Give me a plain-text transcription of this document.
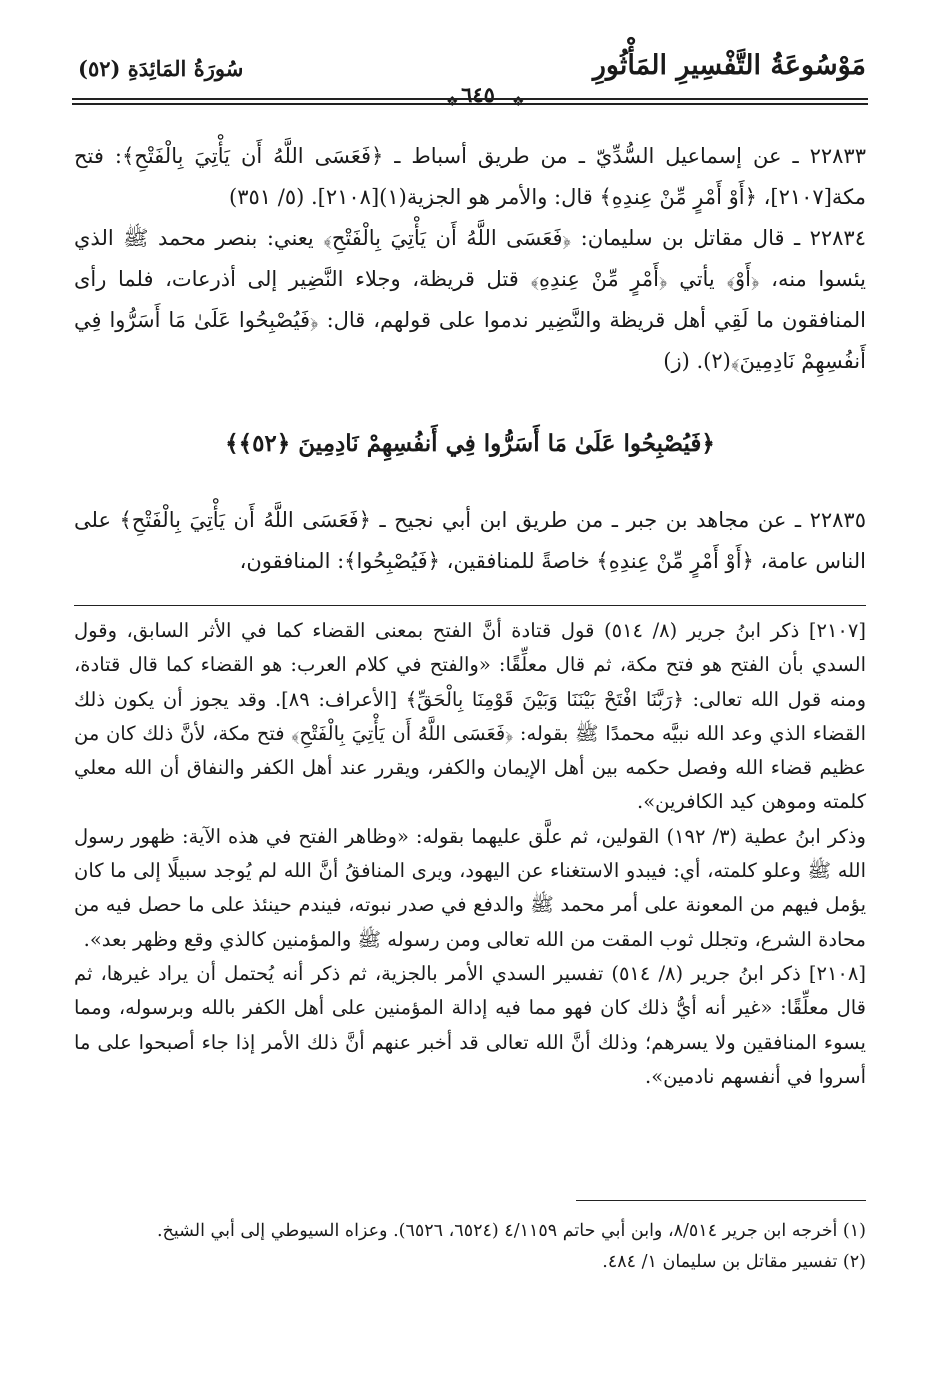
مَوْسُوعَةُ التَّفْسِيرِ المَأْثُورِ
سُورَةُ المَائِدَةِ (٥٢)
❖ ٦٤٥	❖

٢٢٨٣٣ ـ عن إسماعيل السُّدِّيّ ـ من طريق أسباط ـ ﴿فَعَسَى اللَّهُ أَن يَأْتِيَ بِالْفَتْحِ﴾: فتح مكة[٢١٠٧]، ﴿أَوْ أَمْرٍ مِّنْ عِندِهِ﴾ قال: والأمر هو الجزية(١)[٢١٠٨]. (٥/ ٣٥١)

٢٢٨٣٤ ـ قال مقاتل بن سليمان: ﴿فَعَسَى اللَّهُ أَن يَأْتِيَ بِالْفَتْحِ﴾ يعني: بنصر محمد ﷺ الذي يئسوا منه، ﴿أَوْ﴾ يأتي ﴿أَمْرٍ مِّنْ عِندِهِ﴾ قتل قريظة، وجلاء النَّضِير إلى أذرعات، فلما رأى المنافقون ما لَقِي أهل قريظة والنَّضِير ندموا على قولهم، قال: ﴿فَيُصْبِحُوا عَلَىٰ مَا أَسَرُّوا فِي أَنفُسِهِمْ نَادِمِينَ﴾(٢). (ز)

﴿فَيُصْبِحُوا عَلَىٰ مَا أَسَرُّوا فِي أَنفُسِهِمْ نَادِمِينَ ﴿٥٢﴾﴾

٢٢٨٣٥ ـ عن مجاهد بن جبر ـ من طريق ابن أبي نجيح ـ ﴿فَعَسَى اللَّهُ أَن يَأْتِيَ بِالْفَتْحِ﴾ على الناس عامة، ﴿أَوْ أَمْرٍ مِّنْ عِندِهِ﴾ خاصةً للمنافقين، ﴿فَيُصْبِحُوا﴾: المنافقون،

[٢١٠٧] ذكر ابنُ جرير (٨/ ٥١٤) قول قتادة أنَّ الفتح بمعنى القضاء كما في الأثر السابق، وقول السدي بأن الفتح هو فتح مكة، ثم قال معلِّقًا: «والفتح في كلام العرب: هو القضاء كما قال قتادة، ومنه قول الله تعالى: ﴿رَبَّنَا افْتَحْ بَيْنَنَا وَبَيْنَ قَوْمِنَا بِالْحَقِّ﴾ [الأعراف: ٨٩]. وقد يجوز أن يكون ذلك القضاء الذي وعد الله نبيَّه محمدًا ﷺ بقوله: ﴿فَعَسَى اللَّهُ أَن يَأْتِيَ بِالْفَتْحِ﴾ فتح مكة، لأنَّ ذلك كان من عظيم قضاء الله وفصل حكمه بين أهل الإيمان والكفر، ويقرر عند أهل الكفر والنفاق أن الله معلي كلمته وموهن كيد الكافرين».

وذكر ابنُ عطية (٣/ ١٩٢) القولين، ثم علَّق عليهما بقوله: «وظاهر الفتح في هذه الآية: ظهور رسول الله ﷺ وعلو كلمته، أي: فيبدو الاستغناء عن اليهود، ويرى المنافقُ أنَّ الله لم يُوجد سبيلًا إلى ما كان يؤمل فيهم من المعونة على أمر محمد ﷺ والدفع في صدر نبوته، فيندم حينئذ على ما حصل فيه من محادة الشرع، وتجلل ثوب المقت من الله تعالى ومن رسوله ﷺ والمؤمنين كالذي وقع وظهر بعد».

[٢١٠٨] ذكر ابنُ جرير (٨/ ٥١٤) تفسير السدي الأمر بالجزية، ثم ذكر أنه يُحتمل أن يراد غيرها، ثم قال معلِّقًا: «غير أنه أيُّ ذلك كان فهو مما فيه إدالة المؤمنين على أهل الكفر بالله وبرسوله، ومما يسوء المنافقين ولا يسرهم؛ وذلك أنَّ الله تعالى قد أخبر عنهم أنَّ ذلك الأمر إذا جاء أصبحوا على ما أسروا في أنفسهم نادمين».

(١) أخرجه ابن جرير ٨/٥١٤، وابن أبي حاتم ٤/١١٥٩ (٦٥٢٤، ٦٥٢٦). وعزاه السيوطي إلى أبي الشيخ.

(٢) تفسير مقاتل بن سليمان ١/ ٤٨٤.
